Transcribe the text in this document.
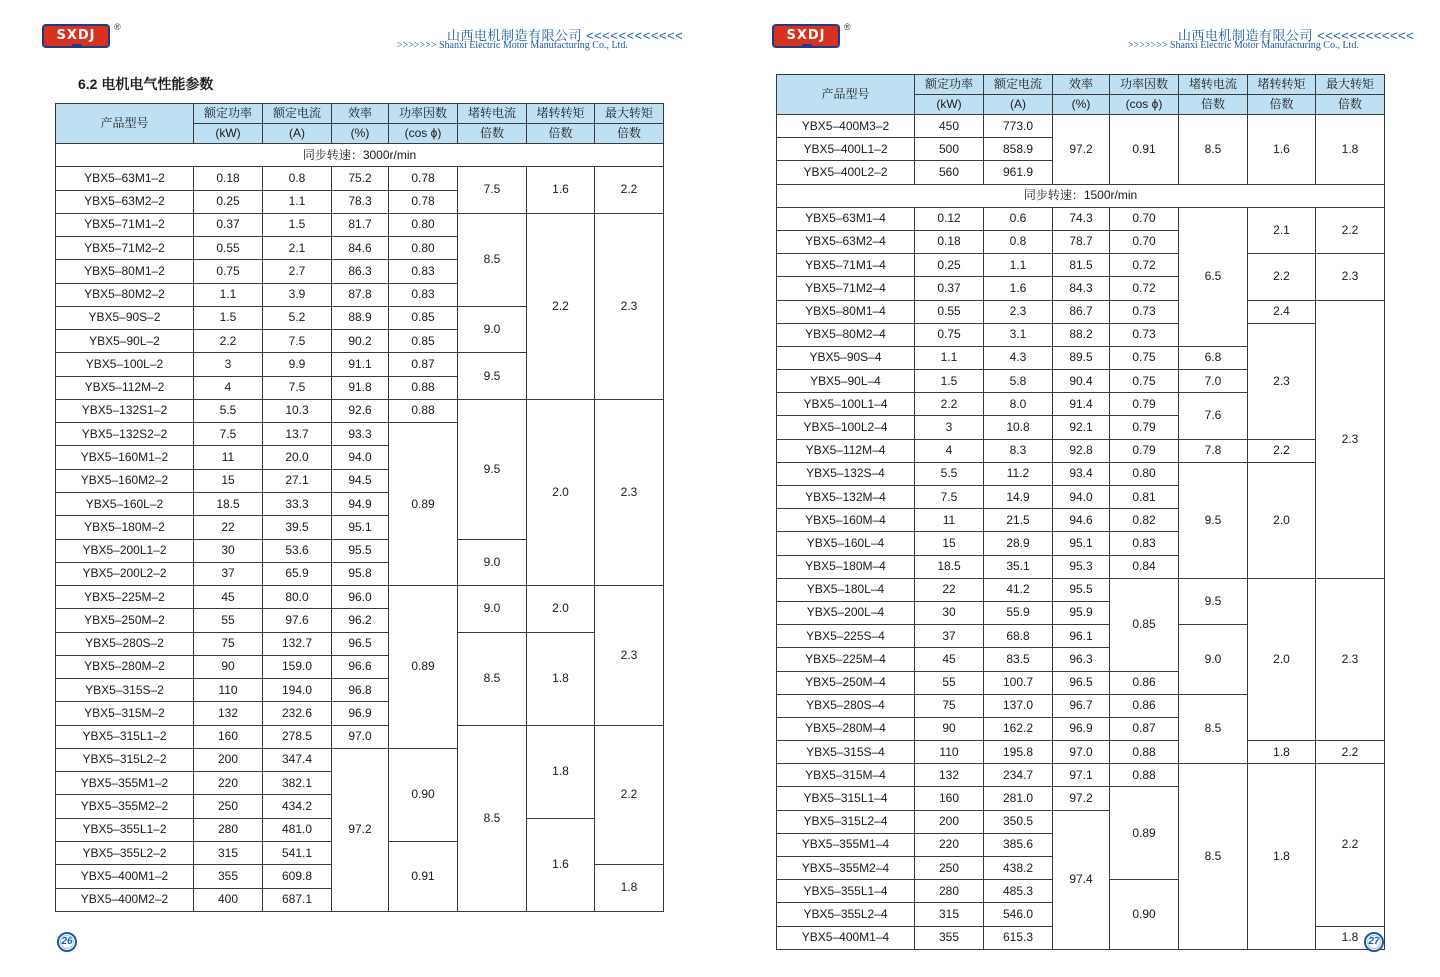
SXDJ
®
山西电机制造有限公司 <<<<<<<<<<<<
>>>>>>> Shanxi Electric Motor Manufacturing Co., Ltd.
6.2 电机电气性能参数
产品型号	额定功率	额定电流	效率	功率因数	堵转电流	堵转转矩	最大转矩
	(kW)	(A)	(%)	(cos ϕ)	倍数	倍数	倍数
同步转速：3000r/min							
YBX5–63M1–2	0.18	0.8	75.2	0.78	7.5	1.6	2.2
YBX5–63M2–2	0.25	1.1	78.3	0.78			
YBX5–71M1–2	0.37	1.5	81.7	0.80	8.5	2.2	2.3
YBX5–71M2–2	0.55	2.1	84.6	0.80			
YBX5–80M1–2	0.75	2.7	86.3	0.83			
YBX5–80M2–2	1.1	3.9	87.8	0.83			
YBX5–90S–2	1.5	5.2	88.9	0.85	9.0		
YBX5–90L–2	2.2	7.5	90.2	0.85			
YBX5–100L–2	3	9.9	91.1	0.87	9.5		
YBX5–112M–2	4	7.5	91.8	0.88			
YBX5–132S1–2	5.5	10.3	92.6	0.88	9.5	2.0	2.3
YBX5–132S2–2	7.5	13.7	93.3	0.89			
YBX5–160M1–2	11	20.0	94.0				
YBX5–160M2–2	15	27.1	94.5				
YBX5–160L–2	18.5	33.3	94.9				
YBX5–180M–2	22	39.5	95.1				
YBX5–200L1–2	30	53.6	95.5		9.0		
YBX5–200L2–2	37	65.9	95.8				
YBX5–225M–2	45	80.0	96.0	0.89	9.0	2.0	2.3
YBX5–250M–2	55	97.6	96.2				
YBX5–280S–2	75	132.7	96.5		8.5	1.8	
YBX5–280M–2	90	159.0	96.6				
YBX5–315S–2	110	194.0	96.8				
YBX5–315M–2	132	232.6	96.9				
YBX5–315L1–2	160	278.5	97.0		8.5	1.8	2.2
YBX5–315L2–2	200	347.4	97.2	0.90			
YBX5–355M1–2	220	382.1					
YBX5–355M2–2	250	434.2					
YBX5–355L1–2	280	481.0				1.6	
YBX5–355L2–2	315	541.1		0.91			
YBX5–400M1–2	355	609.8					1.8
YBX5–400M2–2	400	687.1					
26
SXDJ
®
山西电机制造有限公司 <<<<<<<<<<<<
>>>>>>> Shanxi Electric Motor Manufacturing Co., Ltd.
产品型号	额定功率	额定电流	效率	功率因数	堵转电流	堵转转矩	最大转矩
	(kW)	(A)	(%)	(cos ϕ)	倍数	倍数	倍数
YBX5–400M3–2	450	773.0	97.2	0.91	8.5	1.6	1.8
YBX5–400L1–2	500	858.9					
YBX5–400L2–2	560	961.9					
同步转速：1500r/min							
YBX5–63M1–4	0.12	0.6	74.3	0.70	6.5	2.1	2.2
YBX5–63M2–4	0.18	0.8	78.7	0.70			
YBX5–71M1–4	0.25	1.1	81.5	0.72		2.2	2.3
YBX5–71M2–4	0.37	1.6	84.3	0.72			
YBX5–80M1–4	0.55	2.3	86.7	0.73		2.4	2.3
YBX5–80M2–4	0.75	3.1	88.2	0.73		2.3	
YBX5–90S–4	1.1	4.3	89.5	0.75	6.8		
YBX5–90L–4	1.5	5.8	90.4	0.75	7.0		
YBX5–100L1–4	2.2	8.0	91.4	0.79	7.6		
YBX5–100L2–4	3	10.8	92.1	0.79			
YBX5–112M–4	4	8.3	92.8	0.79	7.8	2.2	
YBX5–132S–4	5.5	11.2	93.4	0.80	9.5	2.0	
YBX5–132M–4	7.5	14.9	94.0	0.81			
YBX5–160M–4	11	21.5	94.6	0.82			
YBX5–160L–4	15	28.9	95.1	0.83			
YBX5–180M–4	18.5	35.1	95.3	0.84			
YBX5–180L–4	22	41.2	95.5	0.85	9.5	2.0	2.3
YBX5–200L–4	30	55.9	95.9				
YBX5–225S–4	37	68.8	96.1		9.0		
YBX5–225M–4	45	83.5	96.3				
YBX5–250M–4	55	100.7	96.5	0.86			
YBX5–280S–4	75	137.0	96.7	0.86	8.5		
YBX5–280M–4	90	162.2	96.9	0.87			
YBX5–315S–4	110	195.8	97.0	0.88		1.8	2.2
YBX5–315M–4	132	234.7	97.1	0.88	8.5	1.8	2.2
YBX5–315L1–4	160	281.0	97.2	0.89			
YBX5–315L2–4	200	350.5	97.4				
YBX5–355M1–4	220	385.6					
YBX5–355M2–4	250	438.2					
YBX5–355L1–4	280	485.3		0.90			
YBX5–355L2–4	315	546.0					
YBX5–400M1–4	355	615.3					1.8	27
